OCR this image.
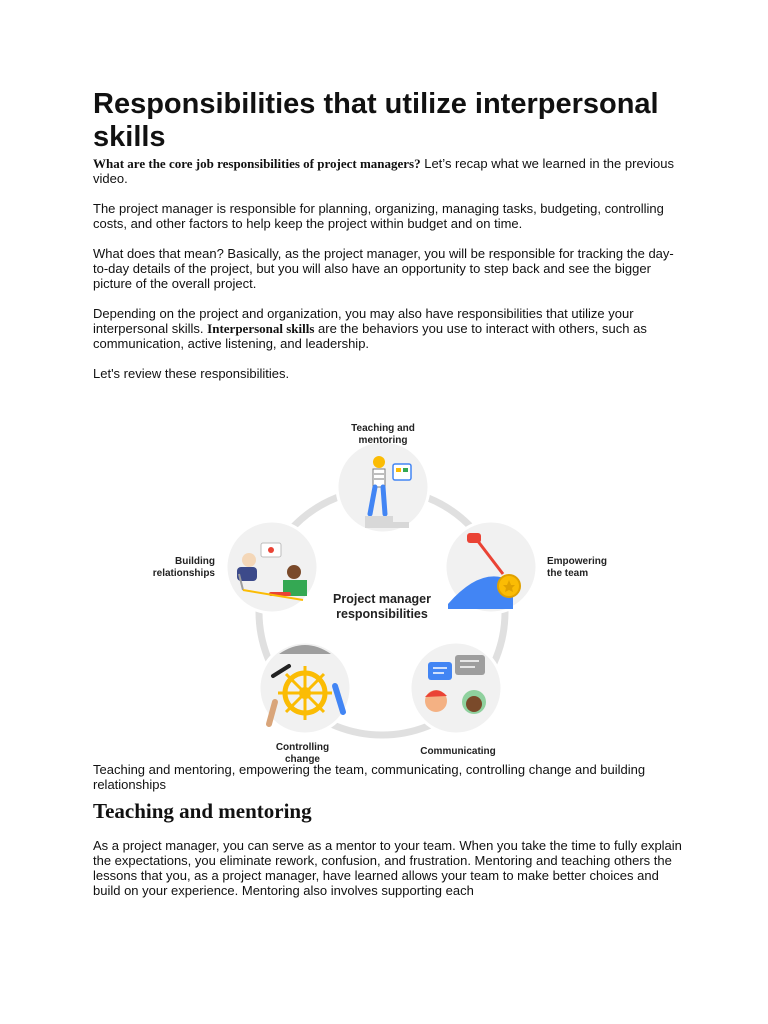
Responsibilities that utilize interpersonal skills

What are the core job responsibilities of project managers? Let’s recap what we learned in the previous video.

The project manager is responsible for planning, organizing, managing tasks, budgeting, controlling costs, and other factors to help keep the project within budget and on time.

What does that mean? Basically, as the project manager, you will be responsible for tracking the day-to-day details of the project, but you will also have an opportunity to step back and see the bigger picture of the overall project.

Depending on the project and organization, you may also have responsibilities that utilize your interpersonal skills. Interpersonal skills are the behaviors you use to interact with others, such as communication, active listening, and leadership.

Let's review these responsibilities.

Teaching and mentoring
Empowering the team
Communicating
Controlling change
Building relationships
Project manager responsibilities

Teaching and mentoring, empowering the team, communicating, controlling change and building relationships

Teaching and mentoring

As a project manager, you can serve as a mentor to your team. When you take the time to fully explain the expectations, you eliminate rework, confusion, and frustration. Mentoring and teaching others the lessons that you, as a project manager, have learned allows your team to make better choices and build on your experience. Mentoring also involves supporting each
